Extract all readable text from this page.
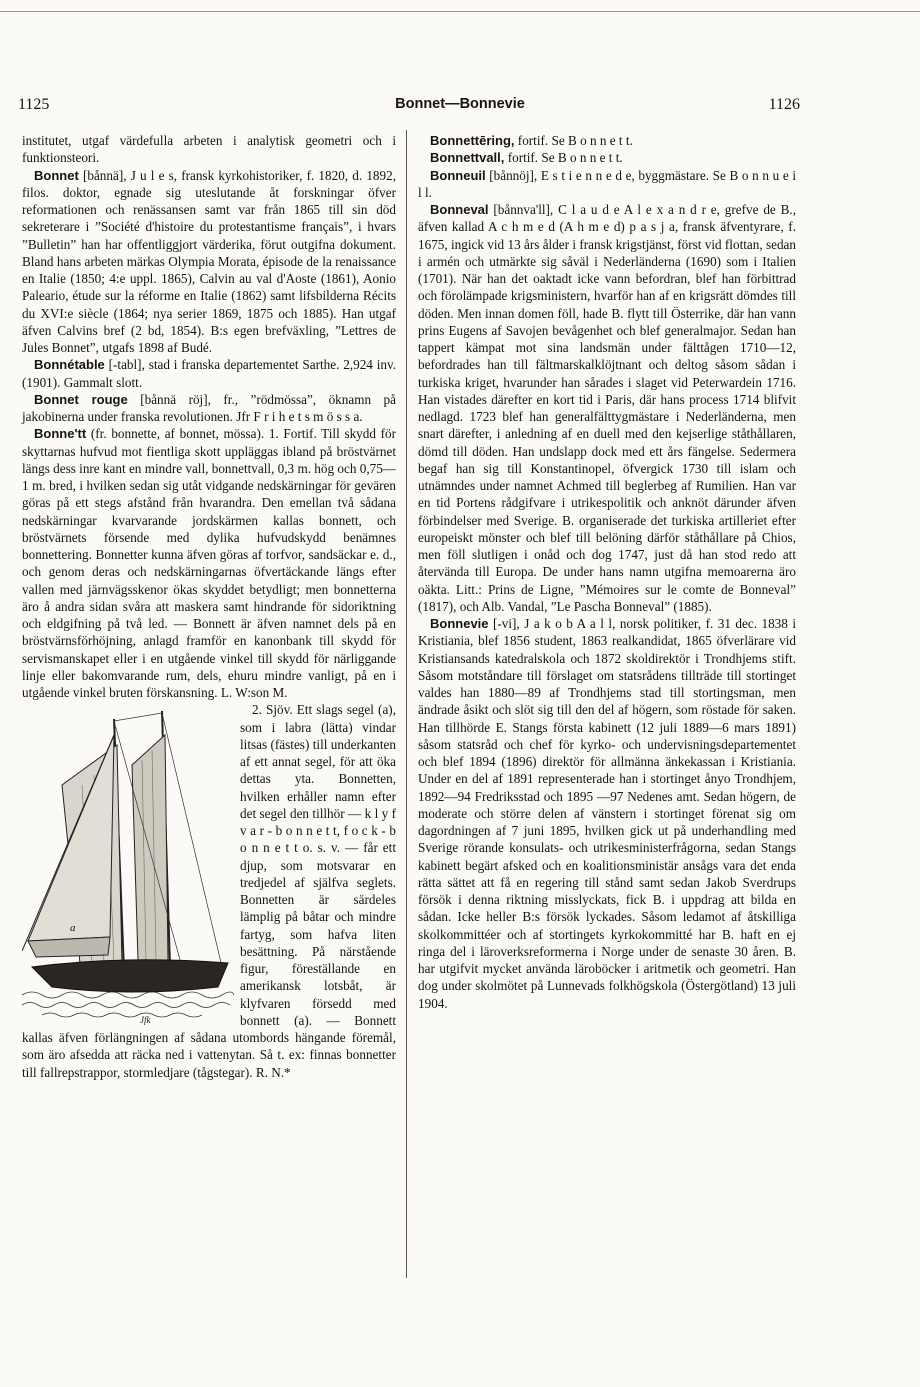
1125	Bonnet—Bonnevie	1126

institutet, utgaf värdefulla arbeten i analytisk geometri och i funktionsteori.

Bonnet [bånnä], J u l e s, fransk kyrkohistoriker, f. 1820, d. 1892, filos. doktor, egnade sig uteslutande åt forskningar öfver reformationen och renässansen samt var från 1865 till sin död sekreterare i ”Société d'histoire du protestantisme français”, i hvars ”Bulletin” han har offentliggjort värderika, förut outgifna dokument. Bland hans arbeten märkas Olympia Morata, épisode de la renaissance en Italie (1850; 4:e uppl. 1865), Calvin au val d'Aoste (1861), Aonio Paleario, étude sur la réforme en Italie (1862) samt lifsbilderna Récits du XVI:e siècle (1864; nya serier 1869, 1875 och 1885). Han utgaf äfven Calvins bref (2 bd, 1854). B:s egen brefväxling, ”Lettres de Jules Bonnet”, utgafs 1898 af Budé.

Bonnétable [-tabl], stad i franska departementet Sarthe. 2,924 inv. (1901). Gammalt slott.

Bonnet rouge [bånnä röj], fr., ”rödmössa”, öknamn på jakobinerna under franska revolutionen. Jfr F r i h e t s m ö s s a.

Bonne'tt (fr. bonnette, af bonnet, mössa). 1. Fortif. Till skydd för skyttarnas hufvud mot fientliga skott uppläggas ibland på bröstvärnet längs dess inre kant en mindre vall, bonnettvall, 0,3 m. hög och 0,75—1 m. bred, i hvilken sedan sig utåt vidgande nedskärningar för gevären göras på ett stegs afstånd från hvarandra. Den emellan två sådana nedskärningar kvarvarande jordskärmen kallas bonnett, och bröstvärnets försende med dylika hufvudskydd benämnes bonnettering. Bonnetter kunna äfven göras af torfvor, sandsäckar e. d., och genom deras och nedskärningarnas öfvertäckande längs efter vallen med järnvägsskenor ökas skyddet betydligt; men bonnetterna äro å andra sidan svåra att maskera samt hindrande för sidoriktning och eldgifning på två led. — Bonnett är äfven namnet dels på en bröstvärnsförhöjning, anlagd framför en kanonbank till skydd för servismanskapet eller i en utgående vinkel till skydd för närliggande linje eller bakomvarande rum, dels, ehuru mindre vanligt, på en i utgående vinkel bruten förskansning. L. W:son M.

a
Jfk

2. Sjöv. Ett slags segel (a), som i labra (lätta) vindar litsas (fästes) till underkanten af ett annat segel, för att öka dettas yta. Bonnetten, hvilken erhåller namn efter det segel den tillhör — k l y f v a r - b o n n e t t, f o c k - b o n n e t t o. s. v. — får ett djup, som motsvarar en tredjedel af själfva seglets. Bonnetten är särdeles lämplig på båtar och mindre fartyg, som hafva liten besättning. På närstående figur, föreställande en amerikansk lotsbåt, är klyfvaren försedd med bonnett (a). — Bonnett kallas äfven förlängningen af sådana utombords hängande föremål, som äro afsedda att räcka ned i vattenytan. Så t. ex: finnas bonnetter till fallrepstrappor, stormledjare (tågstegar). R. N.*

Bonnettēring, fortif. Se B o n n e t t.

Bonnettvall, fortif. Se B o n n e t t.

Bonneuil [bånnöj], E s t i e n n e d e, byggmästare. Se B o n n u e i l l.

Bonneval [bånnva'll], C l a u d e A l e x a n d r e, grefve de B., äfven kallad A c h m e d (A h m e d) p a s j a, fransk äfventyrare, f. 1675, ingick vid 13 års ålder i fransk krigstjänst, först vid flottan, sedan i armén och utmärkte sig såväl i Nederländerna (1690) som i Italien (1701). När han det oaktadt icke vann befordran, blef han förbittrad och förolämpade krigsministern, hvarför han af en krigsrätt dömdes till döden. Men innan domen föll, hade B. flytt till Österrike, där han vann prins Eugens af Savojen bevågenhet och blef generalmajor. Sedan han tappert kämpat mot sina landsmän under fälttågen 1710—12, befordrades han till fältmarskalklöjtnant och deltog såsom sådan i turkiska kriget, hvarunder han sårades i slaget vid Peterwardein 1716. Han vistades därefter en kort tid i Paris, där hans process 1714 blifvit nedlagd. 1723 blef han generalfälttygmästare i Nederländerna, men snart därefter, i anledning af en duell med den kejserlige ståthållaren, dömd till döden. Han undslapp dock med ett års fängelse. Sedermera begaf han sig till Konstantinopel, öfvergick 1730 till islam och utnämndes under namnet Achmed till beglerbeg af Rumilien. Han var en tid Portens rådgifvare i utrikespolitik och anknöt därunder äfven förbindelser med Sverige. B. organiserade det turkiska artilleriet efter europeiskt mönster och blef till belöning därför ståthållare på Chios, men föll slutligen i onåd och dog 1747, just då han stod redo att återvända till Europa. De under hans namn utgifna memoarerna äro oäkta. Litt.: Prins de Ligne, ”Mémoires sur le comte de Bonneval” (1817), och Alb. Vandal, ”Le Pascha Bonneval” (1885).

Bonnevie [-vi], J a k o b A a l l, norsk politiker, f. 31 dec. 1838 i Kristiania, blef 1856 student, 1863 realkandidat, 1865 öfverlärare vid Kristiansands katedralskola och 1872 skoldirektör i Trondhjems stift. Såsom motståndare till förslaget om statsrådens tillträde till stortinget valdes han 1880—89 af Trondhjems stad till stortingsman, men ändrade åsikt och slöt sig till den del af högern, som röstade för saken. Han tillhörde E. Stangs första kabinett (12 juli 1889—6 mars 1891) såsom statsråd och chef för kyrko- och undervisningsdepartementet och blef 1894 (1896) direktör för allmänna änkekassan i Kristiania. Under en del af 1891 representerade han i stortinget ånyo Trondhjem, 1892—94 Fredriksstad och 1895 —97 Nedenes amt. Sedan högern, de moderate och större delen af vänstern i stortinget förenat sig om dagordningen af 7 juni 1895, hvilken gick ut på underhandling med Sverige rörande konsulats- och utrikesministerfrågorna, sedan Stangs kabinett begärt afsked och en koalitionsministär ansågs vara det enda rätta sättet att få en regering till stånd samt sedan Jakob Sverdrups försök i denna riktning misslyckats, fick B. i uppdrag att bilda en sådan. Icke heller B:s försök lyckades. Såsom ledamot af åtskilliga skolkommittéer och af stortingets kyrkokommitté har B. haft en ej ringa del i läroverksreformerna i Norge under de senaste 30 åren. B. har utgifvit mycket använda läroböcker i aritmetik och geometri. Han dog under skolmötet på Lunnevads folkhögskola (Östergötland) 13 juli 1904.
